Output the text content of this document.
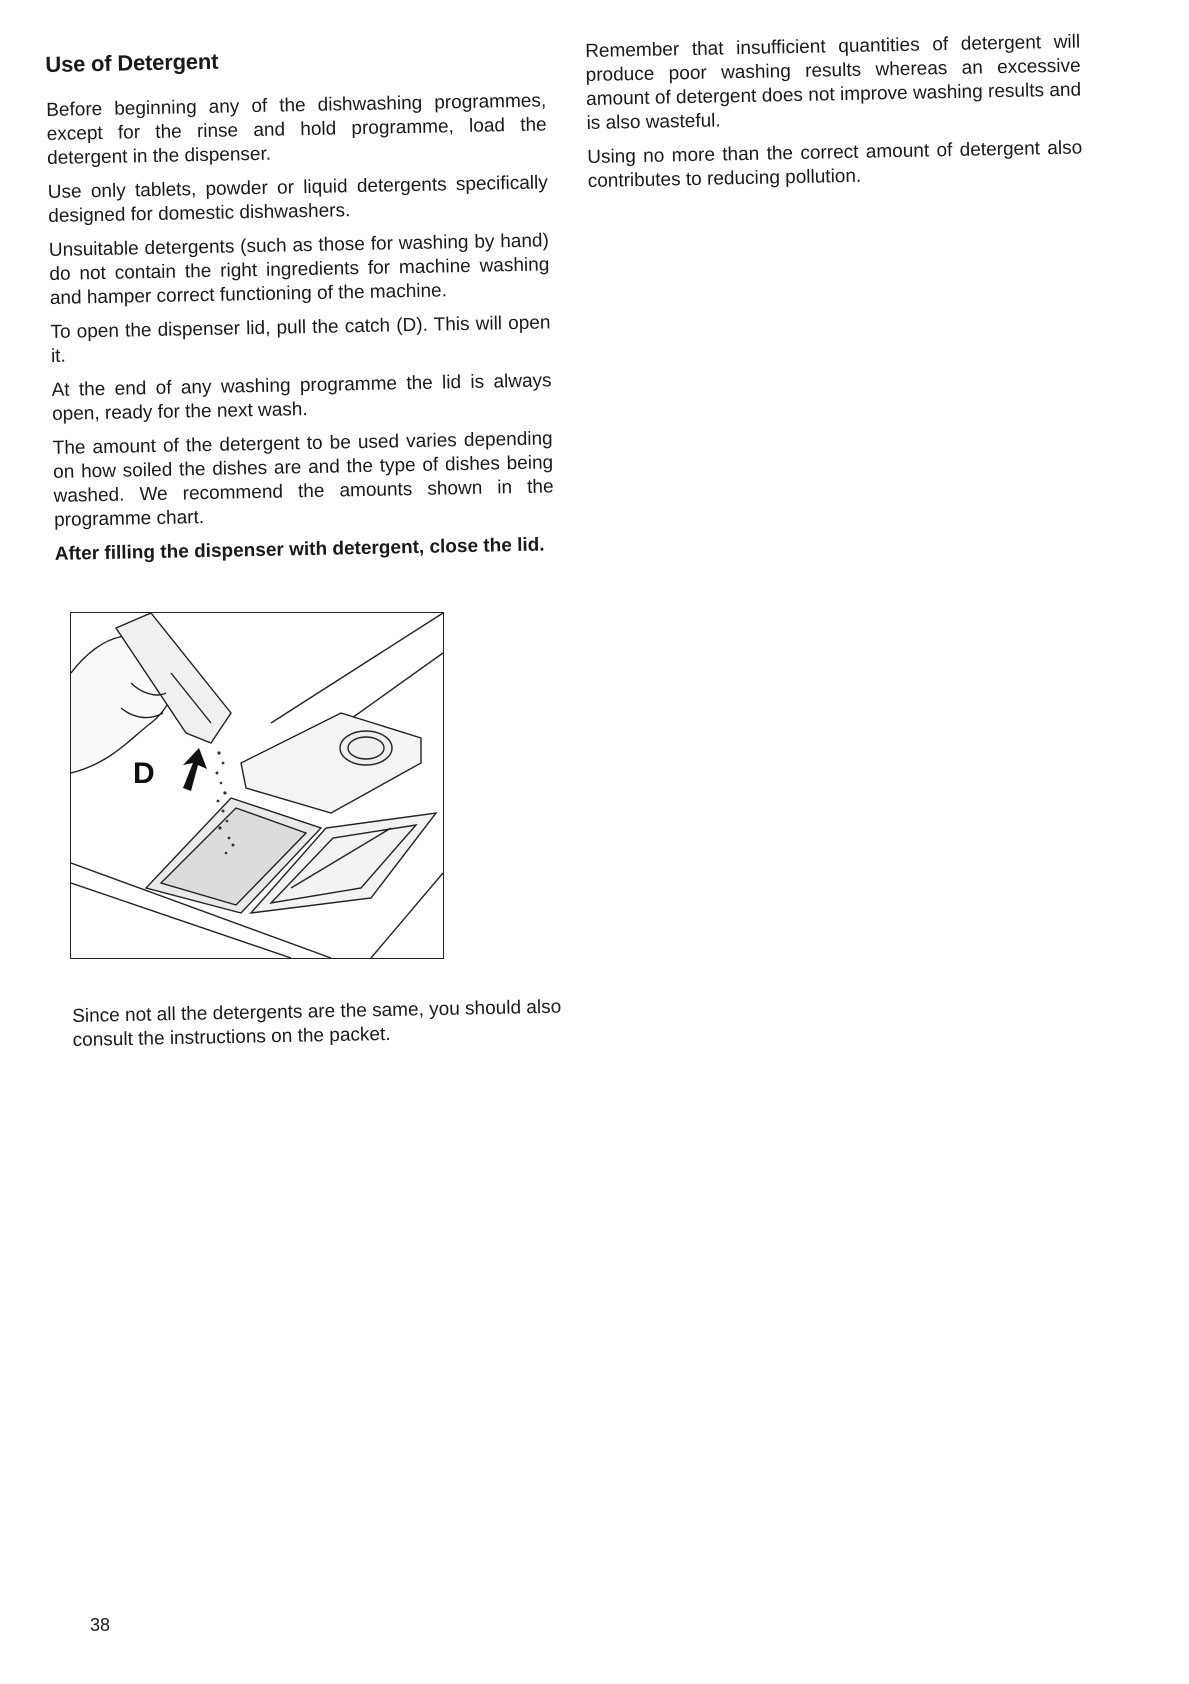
Use of Detergent

Before beginning any of the dishwashing programmes, except for the rinse and hold programme, load the detergent in the dispenser.

Use only tablets, powder or liquid detergents specifically designed for domestic dishwashers.

Unsuitable detergents (such as those for washing by hand) do not contain the right ingredients for machine washing and hamper correct functioning of the machine.

To open the dispenser lid, pull the catch (D). This will open it.

At the end of any washing programme the lid is always open, ready for the next wash.

The amount of the detergent to be used varies depending on how soiled the dishes are and the type of dishes being washed. We recommend the amounts shown in the programme chart.

After filling the dispenser with detergent, close the lid.

D
Since not all the detergents are the same, you should also consult the instructions on the packet.

Remember that insufficient quantities of detergent will produce poor washing results whereas an excessive amount of detergent does not improve washing results and is also wasteful.

Using no more than the correct amount of detergent also contributes to reducing pollution.

38
